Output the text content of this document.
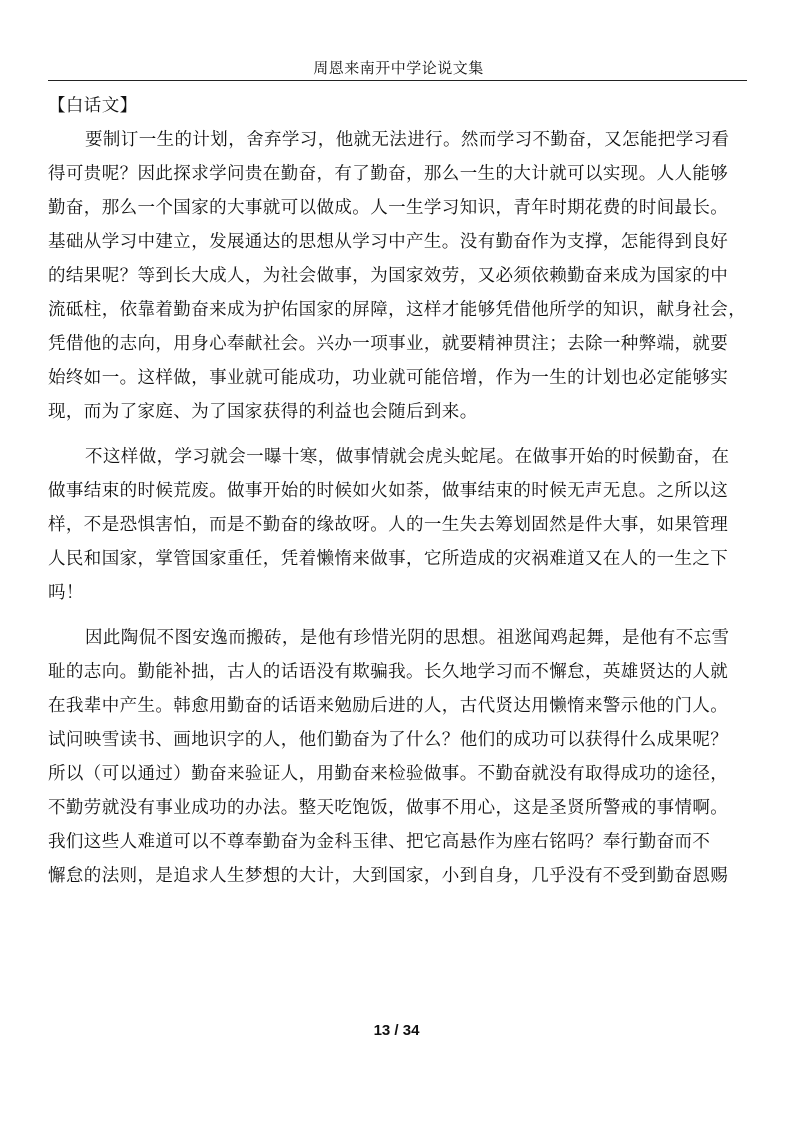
周恩来南开中学论说文集
【白话文】
要制订一生的计划，舍弃学习，他就无法进行。然而学习不勤奋，又怎能把学习看
得可贵呢？因此探求学问贵在勤奋，有了勤奋，那么一生的大计就可以实现。人人能够
勤奋，那么一个国家的大事就可以做成。人一生学习知识，青年时期花费的时间最长。
基础从学习中建立，发展通达的思想从学习中产生。没有勤奋作为支撑，怎能得到良好
的结果呢？等到长大成人，为社会做事，为国家效劳，又必须依赖勤奋来成为国家的中
流砥柱，依靠着勤奋来成为护佑国家的屏障，这样才能够凭借他所学的知识，献身社会，
凭借他的志向，用身心奉献社会。兴办一项事业，就要精神贯注；去除一种弊端，就要
始终如一。这样做，事业就可能成功，功业就可能倍增，作为一生的计划也必定能够实
现，而为了家庭、为了国家获得的利益也会随后到来。
不这样做，学习就会一曝十寒，做事情就会虎头蛇尾。在做事开始的时候勤奋，在
做事结束的时候荒废。做事开始的时候如火如荼，做事结束的时候无声无息。之所以这
样，不是恐惧害怕，而是不勤奋的缘故呀。人的一生失去筹划固然是件大事，如果管理
人民和国家，掌管国家重任，凭着懒惰来做事，它所造成的灾祸难道又在人的一生之下
吗！
因此陶侃不图安逸而搬砖，是他有珍惜光阴的思想。祖逖闻鸡起舞，是他有不忘雪
耻的志向。勤能补拙，古人的话语没有欺骗我。长久地学习而不懈怠，英雄贤达的人就
在我辈中产生。韩愈用勤奋的话语来勉励后进的人，古代贤达用懒惰来警示他的门人。
试问映雪读书、画地识字的人，他们勤奋为了什么？他们的成功可以获得什么成果呢？
所以（可以通过）勤奋来验证人，用勤奋来检验做事。不勤奋就没有取得成功的途径，
不勤劳就没有事业成功的办法。整天吃饱饭，做事不用心，这是圣贤所警戒的事情啊。
我们这些人难道可以不尊奉勤奋为金科玉律、把它高悬作为座右铭吗？奉行勤奋而不
懈怠的法则，是追求人生梦想的大计，大到国家，小到自身，几乎没有不受到勤奋恩赐
13 / 34
